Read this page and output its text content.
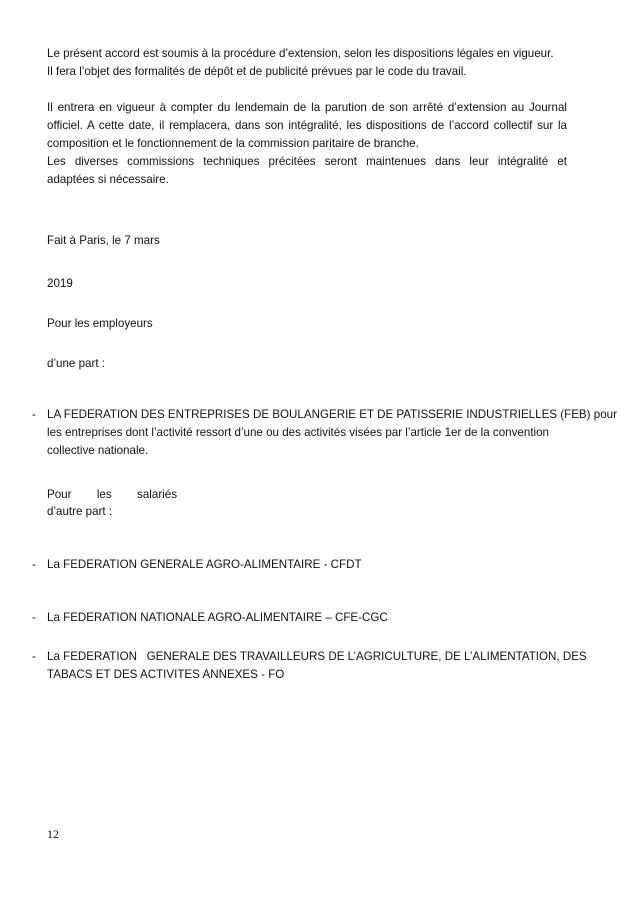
Le présent accord est soumis à la procédure d’extension, selon les dispositions légales en vigueur.
Il fera l’objet des formalités de dépôt et de publicité prévues par le code du travail.

Il entrera en vigueur à compter du lendemain de la parution de son arrêté d’extension au Journal
officiel. A cette date, il remplacera, dans son intégralité, les dispositions de l’accord collectif sur la
composition et le fonctionnement de la commission paritaire de branche.
Les diverses commissions techniques précitées seront maintenues dans leur intégralité et
adaptées si nécessaire.

Fait à Paris, le 7 mars

2019

Pour les employeurs

d’une part :

- LA FEDERATION DES ENTREPRISES DE BOULANGERIE ET DE PATISSERIE INDUSTRIELLES (FEB) pour
les entreprises dont l’activité ressort d’une ou des activités visées par l’article 1er de la convention
collective nationale.

Pour les salariés

d’autre part :

- La FEDERATION GENERALE AGRO-ALIMENTAIRE - CFDT

- La FEDERATION NATIONALE AGRO-ALIMENTAIRE – CFE-CGC

- La FEDERATION   GENERALE DES TRAVAILLEURS DE L’AGRICULTURE, DE L’ALIMENTATION, DES
TABACS ET DES ACTIVITES ANNEXES - FO

12
